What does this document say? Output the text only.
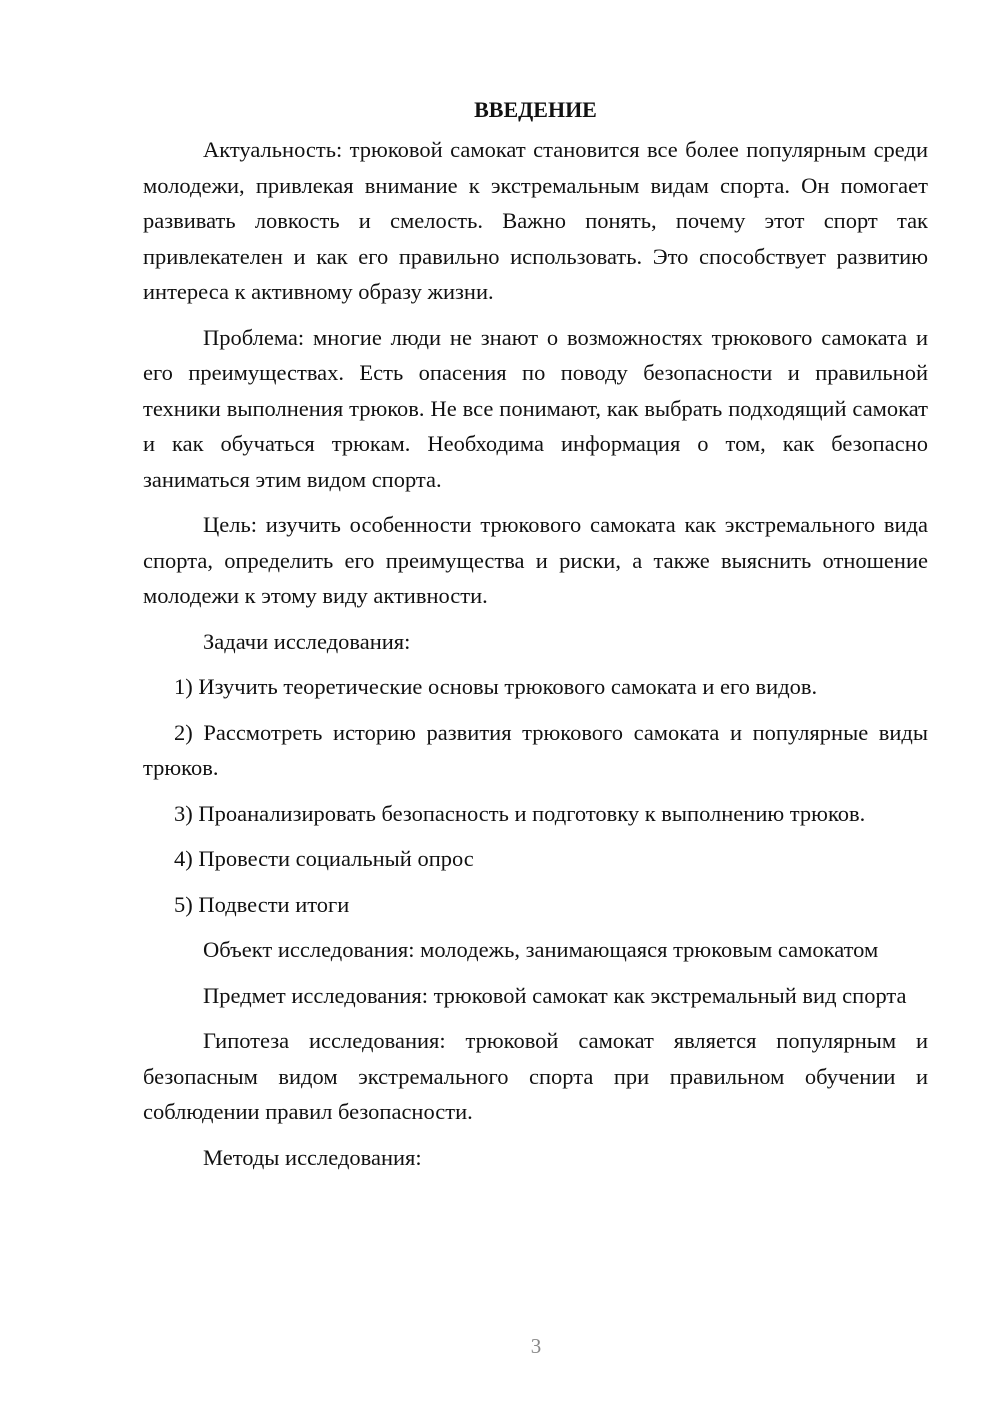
ВВЕДЕНИЕ

Актуальность: трюковой самокат становится все более популярным среди молодежи, привлекая внимание к экстремальным видам спорта. Он помогает развивать ловкость и смелость. Важно понять, почему этот спорт так привлекателен и как его правильно использовать. Это способствует развитию интереса к активному образу жизни.

Проблема: многие люди не знают о возможностях трюкового самоката и его преимуществах. Есть опасения по поводу безопасности и правильной техники выполнения трюков. Не все понимают, как выбрать подходящий самокат и как обучаться трюкам. Необходима информация о том, как безопасно заниматься этим видом спорта.

Цель: изучить особенности трюкового самоката как экстремального вида спорта, определить его преимущества и риски, а также выяснить отношение молодежи к этому виду активности.

Задачи исследования:

1) Изучить теоретические основы трюкового самоката и его видов.

2) Рассмотреть историю развития трюкового самоката и популярные виды трюков.

3) Проанализировать безопасность и подготовку к выполнению трюков.

4) Провести социальный опрос

5) Подвести итоги

Объект исследования: молодежь, занимающаяся трюковым самокатом

Предмет исследования: трюковой самокат как экстремальный вид спорта

Гипотеза исследования: трюковой самокат является популярным и безопасным видом экстремального спорта при правильном обучении и соблюдении правил безопасности.

Методы исследования:

3
